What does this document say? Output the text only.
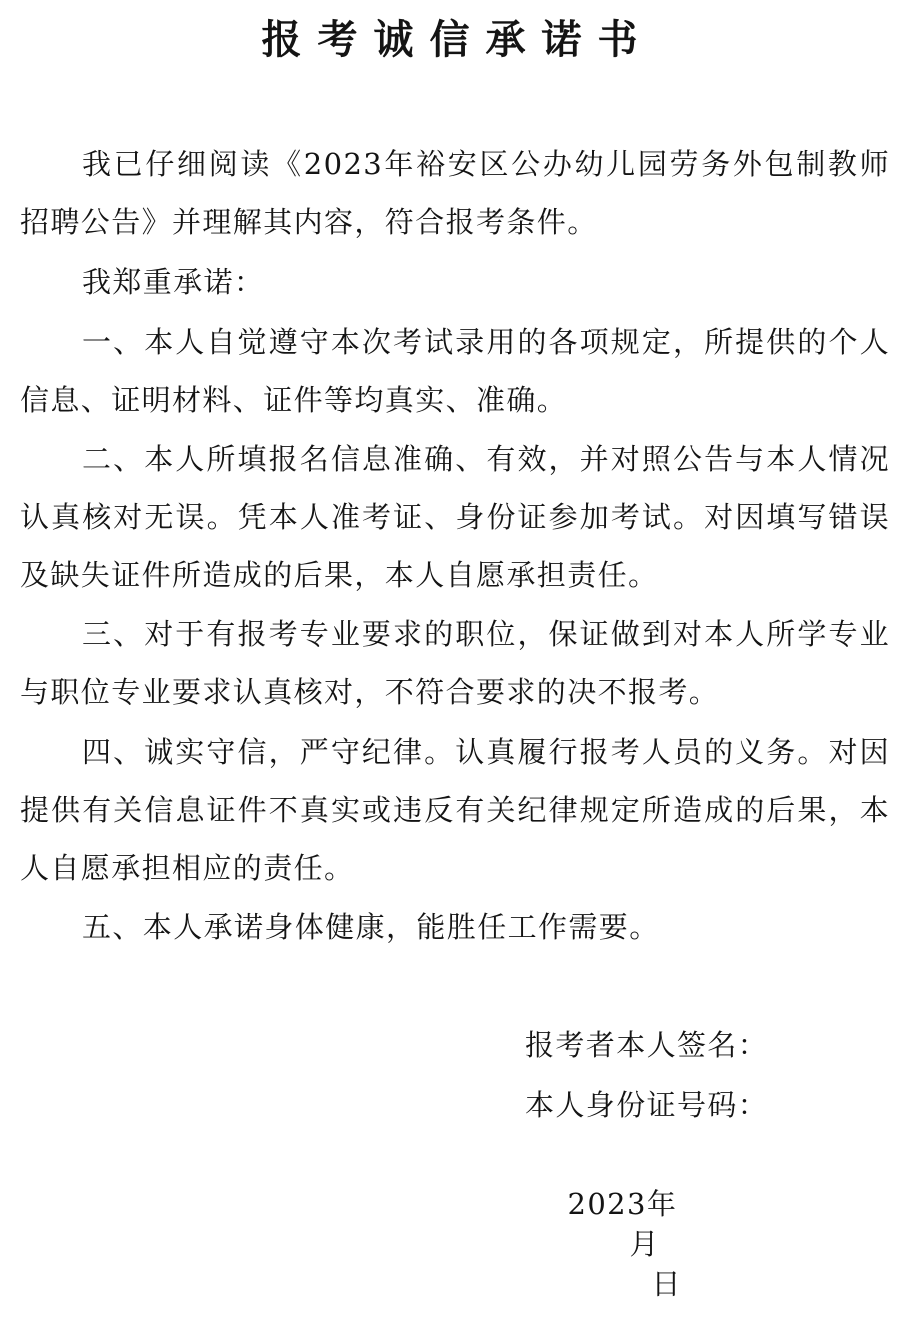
报考诚信承诺书

我已仔细阅读《2023年裕安区公办幼儿园劳务外包制教师招聘公告》并理解其内容，符合报考条件。

我郑重承诺：

一、本人自觉遵守本次考试录用的各项规定，所提供的个人信息、证明材料、证件等均真实、准确。

二、本人所填报名信息准确、有效，并对照公告与本人情况认真核对无误。凭本人准考证、身份证参加考试。对因填写错误及缺失证件所造成的后果，本人自愿承担责任。

三、对于有报考专业要求的职位，保证做到对本人所学专业与职位专业要求认真核对，不符合要求的决不报考。

四、诚实守信，严守纪律。认真履行报考人员的义务。对因提供有关信息证件不真实或违反有关纪律规定所造成的后果，本人自愿承担相应的责任。

五、本人承诺身体健康，能胜任工作需要。

报考者本人签名：
本人身份证号码：

2023年
月
日
